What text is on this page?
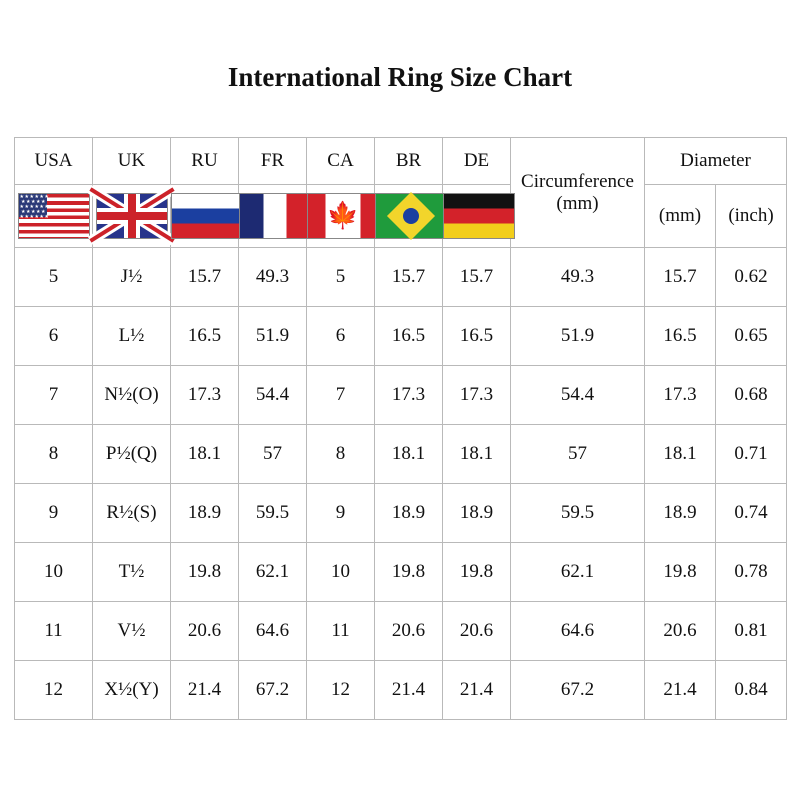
International Ring Size Chart
USA	UK	RU	FR	CA	BR	DE	Circumference (mm)	Diameter	

★★★★★★
★★★★★
★★★★★★
★★★★★
★★★★★★
★★★★★				🍁			(mm)	(inch)
5	J½	15.7	49.3	5	15.7	15.7	49.3	15.7	0.62
6	L½	16.5	51.9	6	16.5	16.5	51.9	16.5	0.65
7	N½(O)	17.3	54.4	7	17.3	17.3	54.4	17.3	0.68
8	P½(Q)	18.1	57	8	18.1	18.1	57	18.1	0.71
9	R½(S)	18.9	59.5	9	18.9	18.9	59.5	18.9	0.74
10	T½	19.8	62.1	10	19.8	19.8	62.1	19.8	0.78
11	V½	20.6	64.6	11	20.6	20.6	64.6	20.6	0.81
12	X½(Y)	21.4	67.2	12	21.4	21.4	67.2	21.4	0.84
